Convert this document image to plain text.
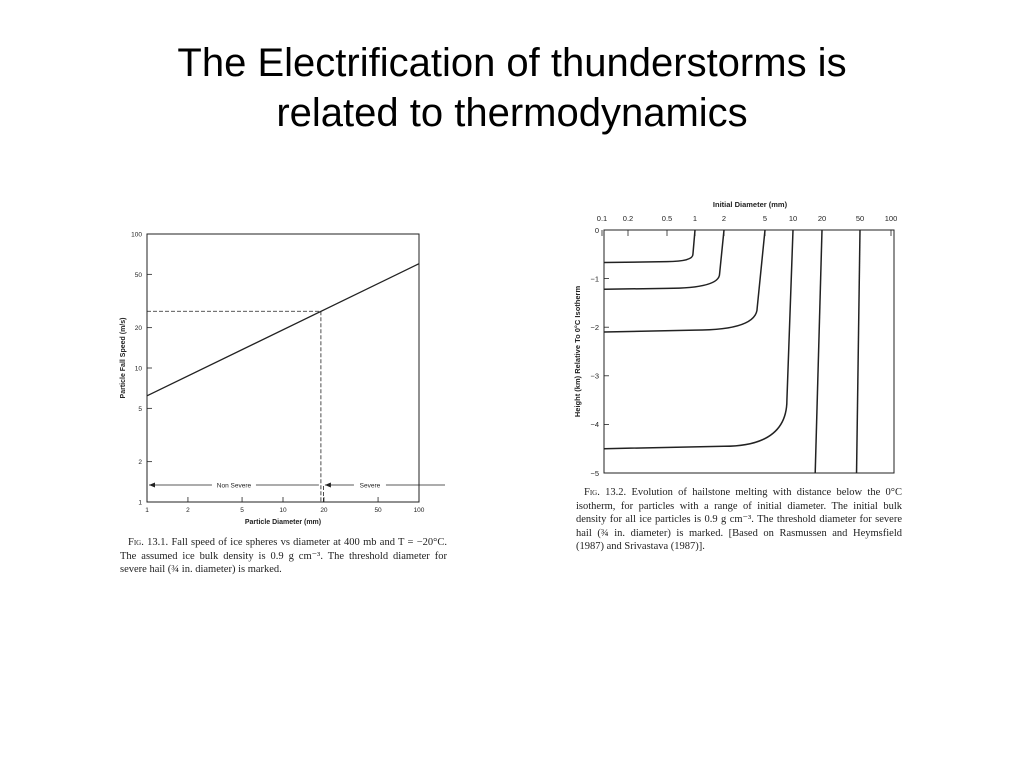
The Electrification of thunderstorms is
related to thermodynamics
1
2
5
10
20
50
100
1	2	5	10	20	50	100
Non Severe	Severe
Particle Diameter (mm)
Particle Fall Speed (m/s)
Fig. 13.1. Fall speed of ice spheres vs diameter at 400 mb and T = −20°C. The assumed ice bulk density is 0.9 g cm⁻³. The threshold diameter for severe hail (¾ in. diameter) is marked.
Initial Diameter (mm)
0.1 0.2	0.5	1	2	5	10	20	50	100
0
−1
−2
−3
−4
−5
Height (km) Relative To 0°C Isotherm
Fig. 13.2. Evolution of hailstone melting with distance below the 0°C isotherm, for particles with a range of initial diameter. The initial bulk density for all ice particles is 0.9 g cm⁻³. The threshold diameter for severe hail (¾ in. diameter) is marked. [Based on Rasmussen and Heymsfield (1987) and Srivastava (1987)].
